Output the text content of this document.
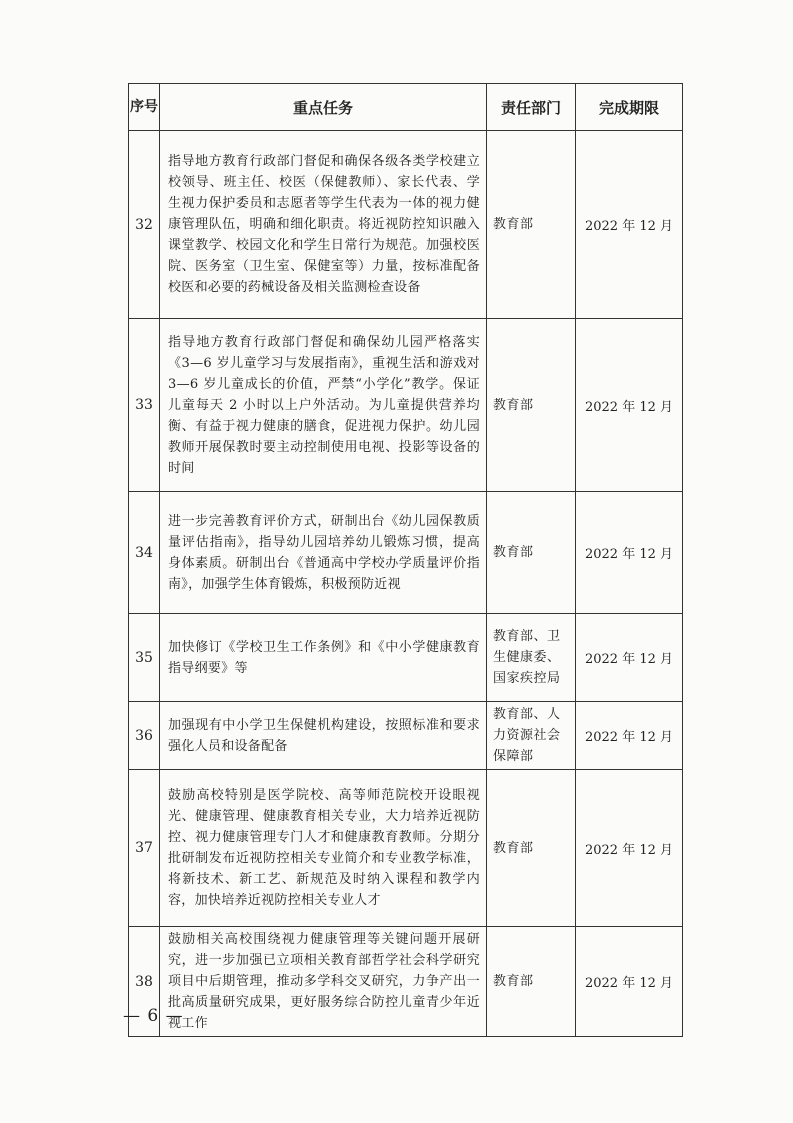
序号	重点任务	责任部门	完成期限
32	指导地方教育行政部门督促和确保各级各类学校建立校领导、班主任、校医（保健教师）、家长代表、学生视力保护委员和志愿者等学生代表为一体的视力健康管理队伍，明确和细化职责。将近视防控知识融入课堂教学、校园文化和学生日常行为规范。加强校医院、医务室（卫生室、保健室等）力量，按标准配备校医和必要的药械设备及相关监测检查设备	教育部	2022 年 12 月
33	指导地方教育行政部门督促和确保幼儿园严格落实《3—6 岁儿童学习与发展指南》，重视生活和游戏对 3—6 岁儿童成长的价值，严禁“小学化”教学。保证儿童每天 2 小时以上户外活动。为儿童提供营养均衡、有益于视力健康的膳食，促进视力保护。幼儿园教师开展保教时要主动控制使用电视、投影等设备的时间	教育部	2022 年 12 月
34	进一步完善教育评价方式，研制出台《幼儿园保教质量评估指南》，指导幼儿园培养幼儿锻炼习惯，提高身体素质。研制出台《普通高中学校办学质量评价指南》，加强学生体育锻炼，积极预防近视	教育部	2022 年 12 月
35	加快修订《学校卫生工作条例》和《中小学健康教育指导纲要》等	教育部、卫生健康委、国家疾控局	2022 年 12 月
36	加强现有中小学卫生保健机构建设，按照标准和要求强化人员和设备配备	教育部、人力资源社会保障部	2022 年 12 月
37	鼓励高校特别是医学院校、高等师范院校开设眼视光、健康管理、健康教育相关专业，大力培养近视防控、视力健康管理专门人才和健康教育教师。分期分批研制发布近视防控相关专业简介和专业教学标准，将新技术、新工艺、新规范及时纳入课程和教学内容，加快培养近视防控相关专业人才	教育部	2022 年 12 月
38	鼓励相关高校围绕视力健康管理等关键问题开展研究，进一步加强已立项相关教育部哲学社会科学研究项目中后期管理，推动多学科交叉研究，力争产出一批高质量研究成果，更好服务综合防控儿童青少年近视工作	教育部	2022 年 12 月
— 6 —
